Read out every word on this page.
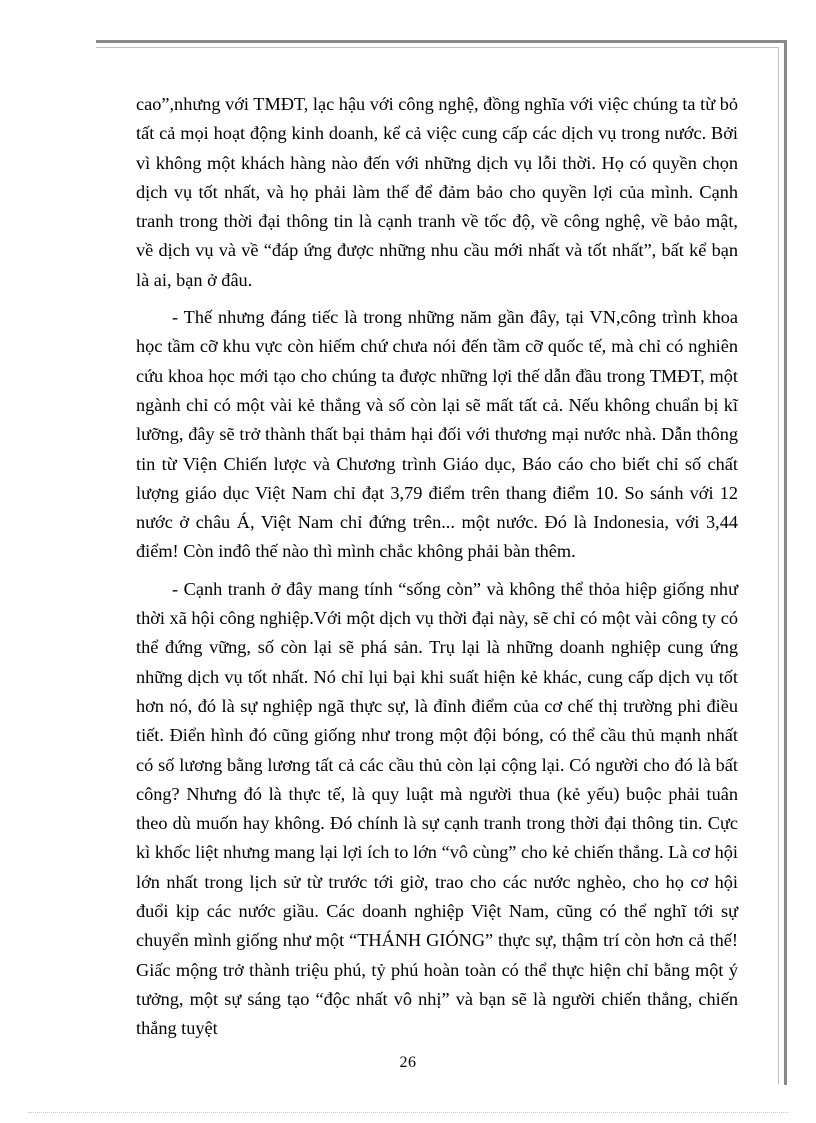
cao”,nhưng với TMĐT, lạc hậu với công nghệ, đồng nghĩa với việc chúng ta từ bỏ tất cả mọi hoạt động kinh doanh, kể cả việc cung cấp các dịch vụ trong nước. Bởi vì không một khách hàng nào đến với những dịch vụ lỗi thời. Họ có quyền chọn dịch vụ tốt nhất, và họ phải làm thế để đảm bảo cho quyền lợi của mình. Cạnh tranh trong thời đại thông tin là cạnh tranh về tốc độ, về công nghệ, về bảo mật, về dịch vụ và về “đáp ứng được những nhu cầu mới nhất và tốt nhất”, bất kể bạn là ai, bạn ở đâu.

- Thế nhưng đáng tiếc là trong những năm gần đây, tại VN,công trình khoa học tầm cỡ khu vực còn hiếm chứ chưa nói đến tầm cỡ quốc tế, mà chỉ có nghiên cứu khoa học mới tạo cho chúng ta được những lợi thế dẫn đầu trong TMĐT, một ngành chỉ có một vài kẻ thắng và số còn lại sẽ mất tất cả. Nếu không chuẩn bị kĩ lưỡng, đây sẽ trở thành thất bại thảm hại đối với thương mại nước nhà. Dẫn thông tin từ Viện Chiến lược và Chương trình Giáo dục, Báo cáo cho biết chỉ số chất lượng giáo dục Việt Nam chỉ đạt 3,79 điểm trên thang điểm 10. So sánh với 12 nước ở châu Á, Việt Nam chỉ đứng trên... một nước. Đó là Indonesia, với 3,44 điểm! Còn inđô thế nào thì mình chắc không phải bàn thêm.

- Cạnh tranh ở đây mang tính “sống còn” và không thể thỏa hiệp giống như thời xã hội công nghiệp.Với một dịch vụ thời đại này, sẽ chỉ có một vài công ty có thể đứng vững, số còn lại sẽ phá sản. Trụ lại là những doanh nghiệp cung ứng những dịch vụ tốt nhất. Nó chỉ lụi bại khi suất hiện kẻ khác, cung cấp dịch vụ tốt hơn nó, đó là sự nghiệp ngã thực sự, là đỉnh điểm của cơ chế thị trường phi điều tiết. Điển hình đó cũng giống như trong một đội bóng, có thể cầu thủ mạnh nhất có số lương bằng lương tất cả các cầu thủ còn lại cộng lại. Có người cho đó là bất công? Nhưng đó là thực tế, là quy luật mà người thua (kẻ yếu) buộc phải tuân theo dù muốn hay không. Đó chính là sự cạnh tranh trong thời đại thông tin. Cực kì khốc liệt nhưng mang lại lợi ích to lớn “vô cùng” cho kẻ chiến thắng. Là cơ hội lớn nhất trong lịch sử từ trước tới giờ, trao cho các nước nghèo, cho họ cơ hội đuổi kịp các nước giầu. Các doanh nghiệp Việt Nam, cũng có thể nghĩ tới sự chuyển mình giống như một “THÁNH GIÓNG” thực sự, thậm trí còn hơn cả thế! Giấc mộng trở thành triệu phú, tỷ phú hoàn toàn có thể thực hiện chỉ bằng một ý tưởng, một sự sáng tạo “độc nhất vô nhị” và bạn sẽ là người chiến thắng, chiến thắng tuyệt

26
